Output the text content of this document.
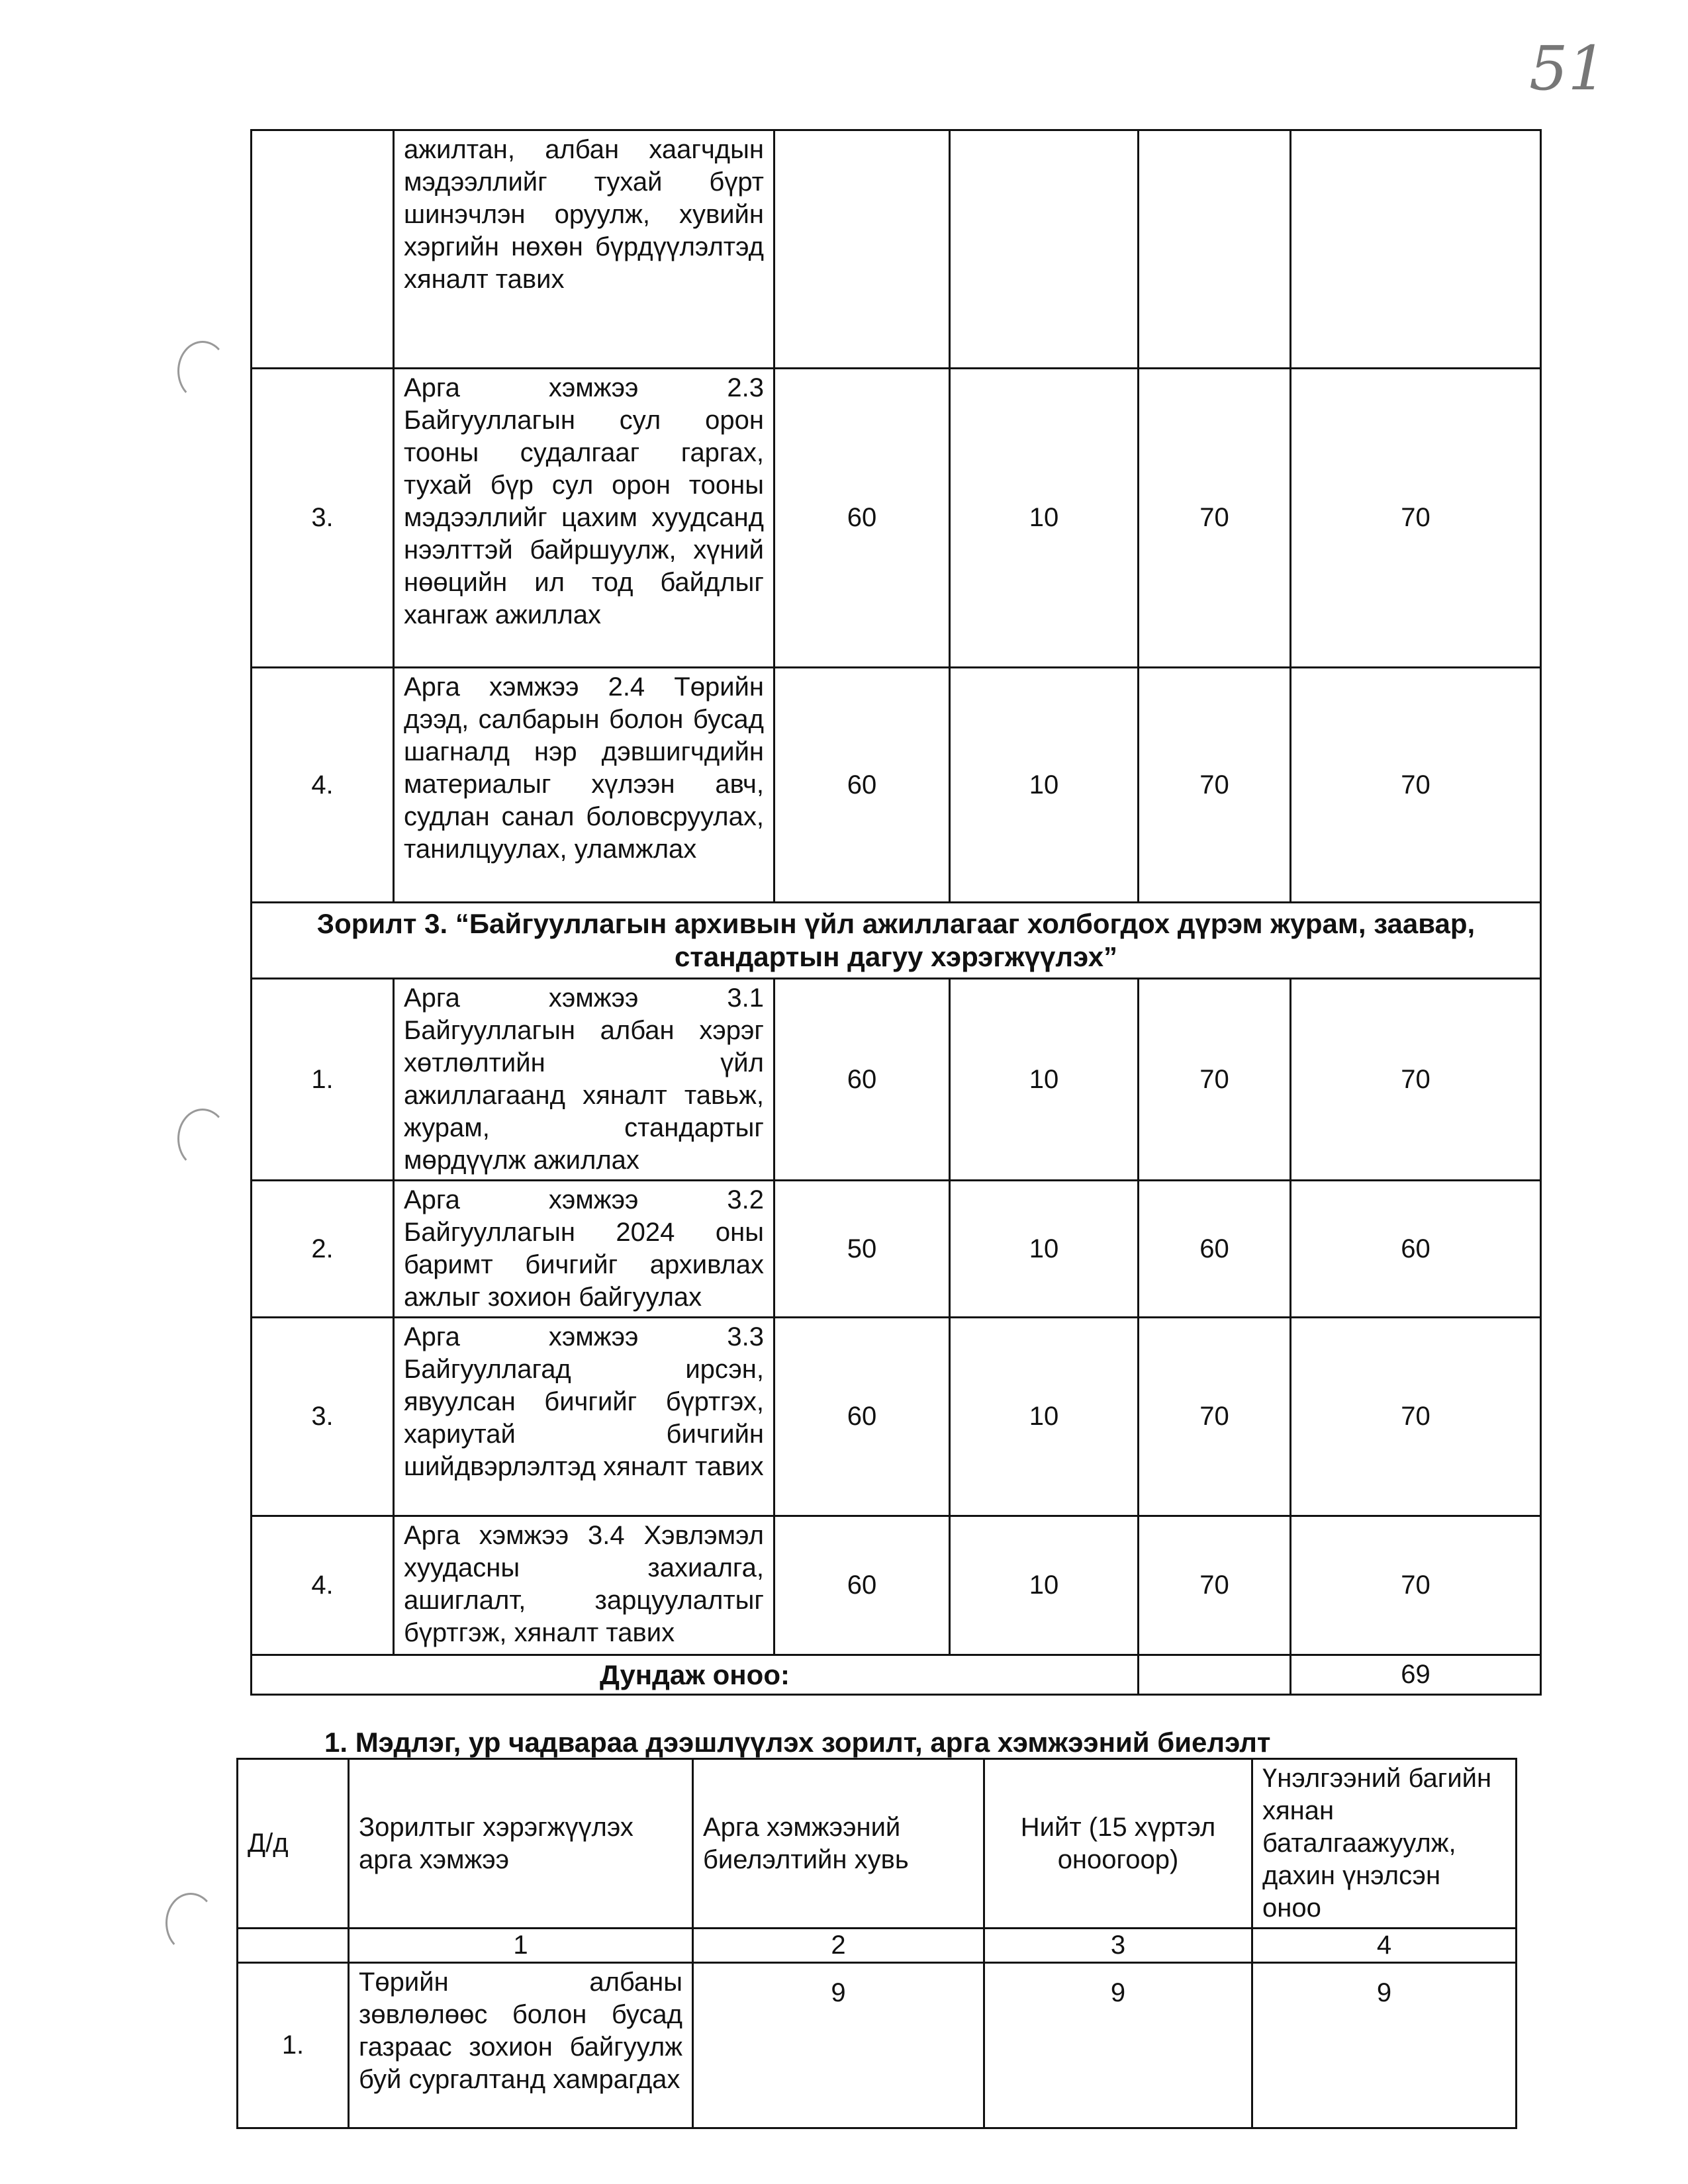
51
	ажилтан, албан хаагчдын мэдээллийг тухай бүрт шинэчлэн оруулж, хувийн хэргийн нөхөн бүрдүүлэлтэд хяналт тавих				
3.	Арга хэмжээ 2.3 Байгууллагын сул орон тооны судалгааг гаргах, тухай бүр сул орон тооны мэдээллийг цахим хуудсанд нээлттэй байршуулж, хүний нөөцийн ил тод байдлыг хангаж ажиллах	60	10	70	70
4.	Арга хэмжээ 2.4 Төрийн дээд, салбарын болон бусад шагналд нэр дэвшигчдийн материалыг хүлээн авч, судлан санал боловсруулах, танилцуулах, уламжлах	60	10	70	70
Зорилт 3. “Байгууллагын архивын үйл ажиллагааг холбогдох дүрэм журам, заавар, стандартын дагуу хэрэгжүүлэх”					
1.	Арга хэмжээ 3.1 Байгууллагын албан хэрэг хөтлөлтийн үйл ажиллагаанд хяналт тавьж, журам, стандартыг мөрдүүлж ажиллах	60	10	70	70
2.	Арга хэмжээ 3.2 Байгууллагын 2024 оны баримт бичгийг архивлах ажлыг зохион байгуулах	50	10	60	60
3.	Арга хэмжээ 3.3 Байгууллагад ирсэн, явуулсан бичгийг бүртгэх, хариутай бичгийн шийдвэрлэлтэд хяналт тавих	60	10	70	70
4.	Арга хэмжээ 3.4 Хэвлэмэл хуудасны захиалга, ашиглалт, зарцуулалтыг бүртгэж, хяналт тавих	60	10	70	70
Дундаж оноо:					69
1. Мэдлэг, ур чадвараа дээшлүүлэх зорилт, арга хэмжээний биелэлт
Д/д	Зорилтыг хэрэгжүүлэх арга хэмжээ	Арга хэмжээний биелэлтийн хувь	Нийт (15 хүртэл оноогоор)	Үнэлгээний багийн хянан баталгаажуулж, дахин үнэлсэн оноо
	1	2	3	4
1.	Төрийн албаны зөвлөлөөс болон бусад газраас зохион байгуулж буй сургалтанд хамрагдах	9	9	9
